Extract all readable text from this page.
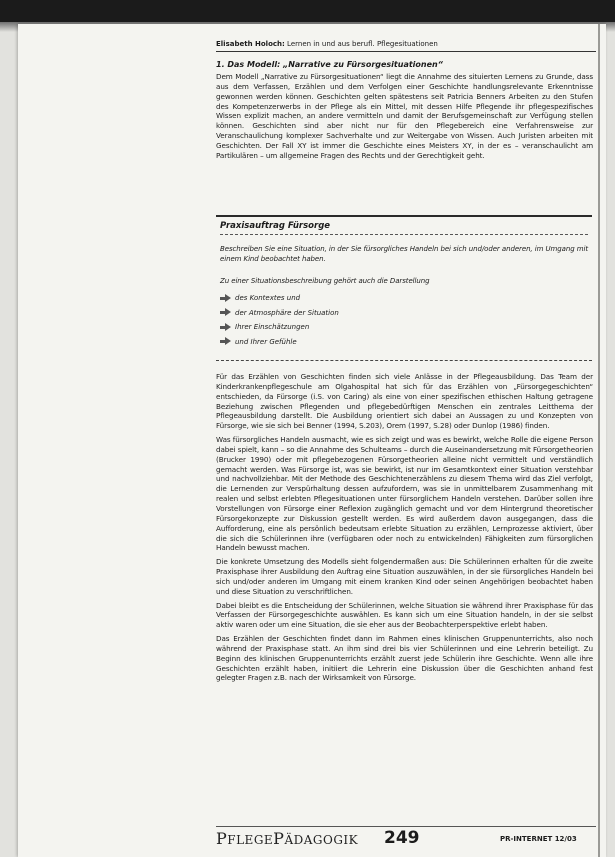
Elisabeth Holoch: Lernen in und aus berufl. Pflegesituationen
1. Das Modell: „Narrative zu Fürsorgesituationen“

Dem Modell „Narrative zu Fürsorgesituationen“ liegt die Annahme des situierten Lernens zu Grunde, dass aus dem Verfassen, Erzählen und dem Verfolgen einer Geschichte handlungsrelevante Erkenntnisse gewonnen werden können. Geschichten gelten spätestens seit Patricia Benners Arbeiten zu den Stufen des Kompetenzerwerbs in der Pflege als ein Mittel, mit dessen Hilfe Pflegende ihr pflegespezifisches Wissen explizit machen, an andere vermitteln und damit der Berufsgemeinschaft zur Verfügung stellen können. Geschichten sind aber nicht nur für den Pflegebereich eine Verfahrensweise zur Veranschaulichung komplexer Sachverhalte und zur Weitergabe von Wissen. Auch Juristen arbeiten mit Geschichten. Der Fall XY ist immer die Geschichte eines Meisters XY, in der es – veranschaulicht am Partikulären – um allgemeine Fragen des Rechts und der Gerechtigkeit geht.

Praxisauftrag Fürsorge

Beschreiben Sie eine Situation, in der Sie fürsorgliches Handeln bei sich und/oder anderen, im Umgang mit einem Kind beobachtet haben.

Zu einer Situationsbeschreibung gehört auch die Darstellung

des Kontextes und
der Atmosphäre der Situation
Ihrer Einschätzungen
und Ihrer Gefühle

Für das Erzählen von Geschichten finden sich viele Anlässe in der Pflegeausbildung. Das Team der Kinderkrankenpflegeschule am Olgahospital hat sich für das Erzählen von „Fürsorgegeschichten“ entschieden, da Fürsorge (i.S. von Caring) als eine von einer spezifischen ethischen Haltung getragene Beziehung zwischen Pflegenden und pflegebedürftigen Menschen ein zentrales Leitthema der Pflegeausbildung darstellt. Die Ausbildung orientiert sich dabei an Aussagen zu und Konzepten von Fürsorge, wie sie sich bei Benner (1994, S.203), Orem (1997, S.28) oder Dunlop (1986) finden.

Was fürsorgliches Handeln ausmacht, wie es sich zeigt und was es bewirkt, welche Rolle die eigene Person dabei spielt, kann – so die Annahme des Schulteams – durch die Auseinandersetzung mit Fürsorgetheorien (Brucker 1990) oder mit pflegebezogenen Fürsorgetheorien alleine nicht vermittelt und verständlich gemacht werden. Was Fürsorge ist, was sie bewirkt, ist nur im Gesamtkontext einer Situation verstehbar und nachvollziehbar. Mit der Methode des Geschichtenerzählens zu diesem Thema wird das Ziel verfolgt, die Lernenden zur Verspürhaltung dessen aufzufordern, was sie in unmittelbarem Zusammenhang mit realen und selbst erlebten Pflegesituationen unter fürsorglichem Handeln verstehen. Darüber sollen ihre Vorstellungen von Fürsorge einer Reflexion zugänglich gemacht und vor dem Hintergrund theoretischer Fürsorgekonzepte zur Diskussion gestellt werden. Es wird außerdem davon ausgegangen, dass die Aufforderung, eine als persönlich bedeutsam erlebte Situation zu erzählen, Lernprozesse aktiviert, über die sich die Schülerinnen ihre (verfügbaren oder noch zu entwickelnden) Fähigkeiten zum fürsorglichen Handeln bewusst machen.

Die konkrete Umsetzung des Modells sieht folgendermaßen aus: Die Schülerinnen erhalten für die zweite Praxisphase ihrer Ausbildung den Auftrag eine Situation auszuwählen, in der sie fürsorgliches Handeln bei sich und/oder anderen im Umgang mit einem kranken Kind oder seinen Angehörigen beobachtet haben und diese Situation zu verschriftlichen.

Dabei bleibt es die Entscheidung der Schülerinnen, welche Situation sie während ihrer Praxisphase für das Verfassen der Fürsorgegeschichte auswählen. Es kann sich um eine Situation handeln, in der sie selbst aktiv waren oder um eine Situation, die sie eher aus der Beobachterperspektive erlebt haben.

Das Erzählen der Geschichten findet dann im Rahmen eines klinischen Gruppenunterrichts, also noch während der Praxisphase statt. An ihm sind drei bis vier Schülerinnen und eine Lehrerin beteiligt. Zu Beginn des klinischen Gruppenunterrichts erzählt zuerst jede Schülerin ihre Geschichte. Wenn alle ihre Geschichten erzählt haben, initiiert die Lehrerin eine Diskussion über die Geschichten anhand fest gelegter Fragen z.B. nach der Wirksamkeit von Fürsorge.

PFLEGEPÄDAGOGIK 249	PR-INTERNET 12/03
